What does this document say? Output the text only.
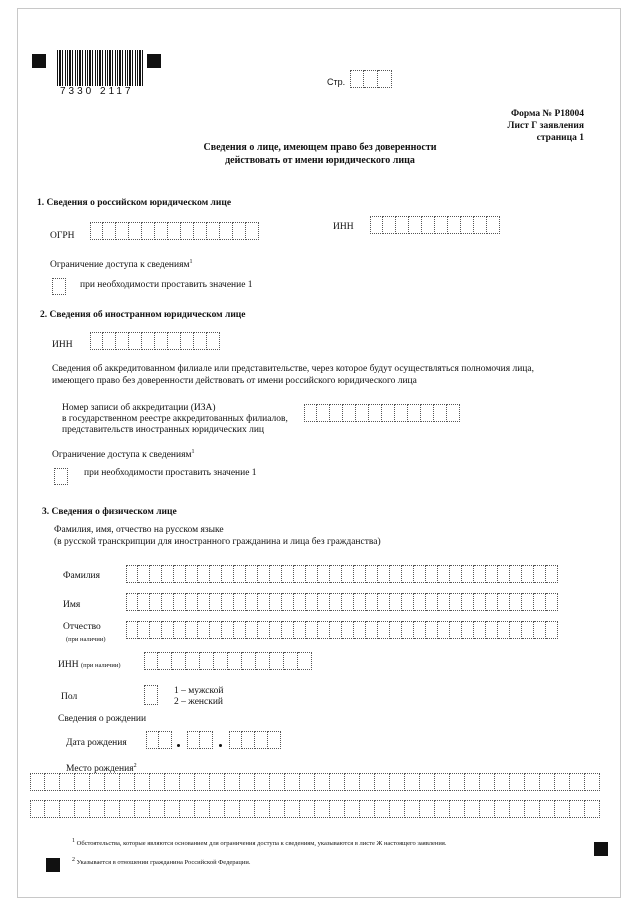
7330 2117
Стр.
Форма № Р18004
Лист Г заявления
страница 1
Сведения о лице, имеющем право без доверенности
действовать от имени юридического лица
1. Сведения о российском юридическом лице
ОГРН
ИНН
Ограничение доступа к сведениям$^1$
при необходимости проставить значение 1
2. Сведения об иностранном юридическом лице
ИНН
Сведения об аккредитованном филиале или представительстве, через которое будут осуществляться полномочия лица,
имеющего право без доверенности действовать от имени российского юридического лица
Номер записи об аккредитации (ИЗА)
в государственном реестре аккредитованных филиалов,
представительств иностранных юридических лиц
Ограничение доступа к сведениям$^1$
при необходимости проставить значение 1
3. Сведения о физическом лице
Фамилия, имя, отчество на русском языке
(в русской транскрипции для иностранного гражданина и лица без гражданства)
Фамилия
Имя
Отчество
(при наличии)
ИНН (при наличии)
Пол
1 – мужской
2 – женский
Сведения о рождении
Дата рождения
Место рождения$^2$
1 Обстоятельства, которые являются основанием для ограничения доступа к сведениям, указываются в листе Ж настоящего заявления.
2 Указывается в отношении гражданина Российской Федерации.
